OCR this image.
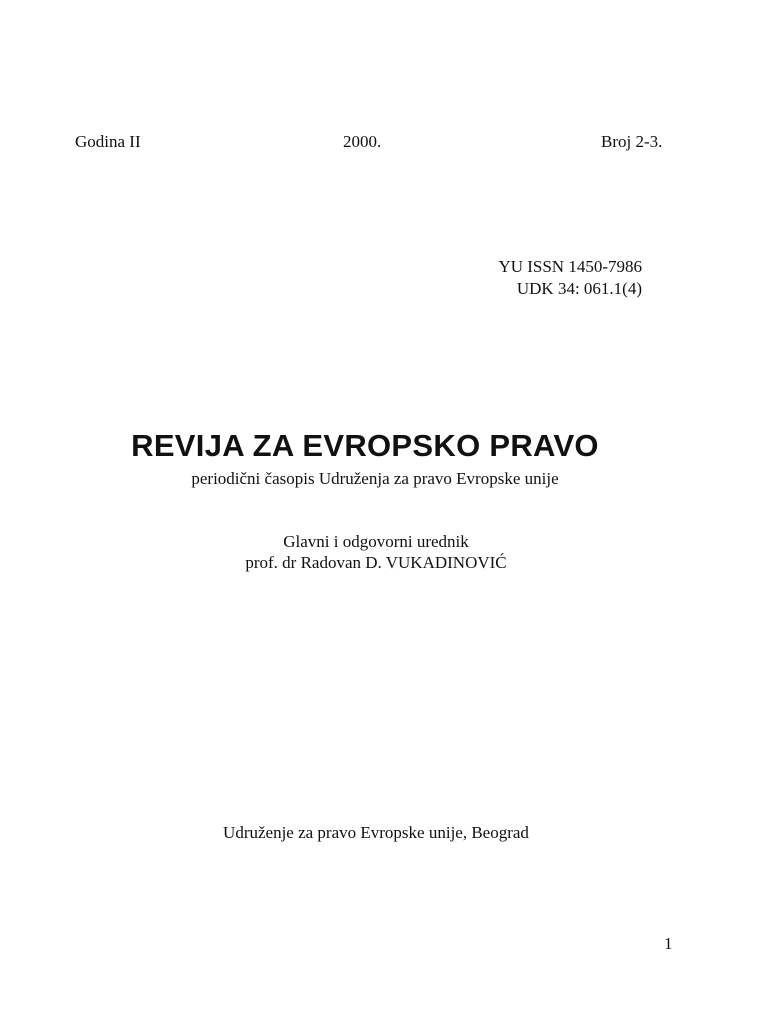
Godina II	2000.	Broj 2-3.
YU ISSN 1450-7986
UDK 34: 061.1(4)
REVIJA ZA EVROPSKO PRAVO
periodični časopis Udruženja za pravo Evropske unije
Glavni i odgovorni urednik
prof. dr Radovan D. VUKADINOVIĆ
Udruženje za pravo Evropske unije, Beograd
1
